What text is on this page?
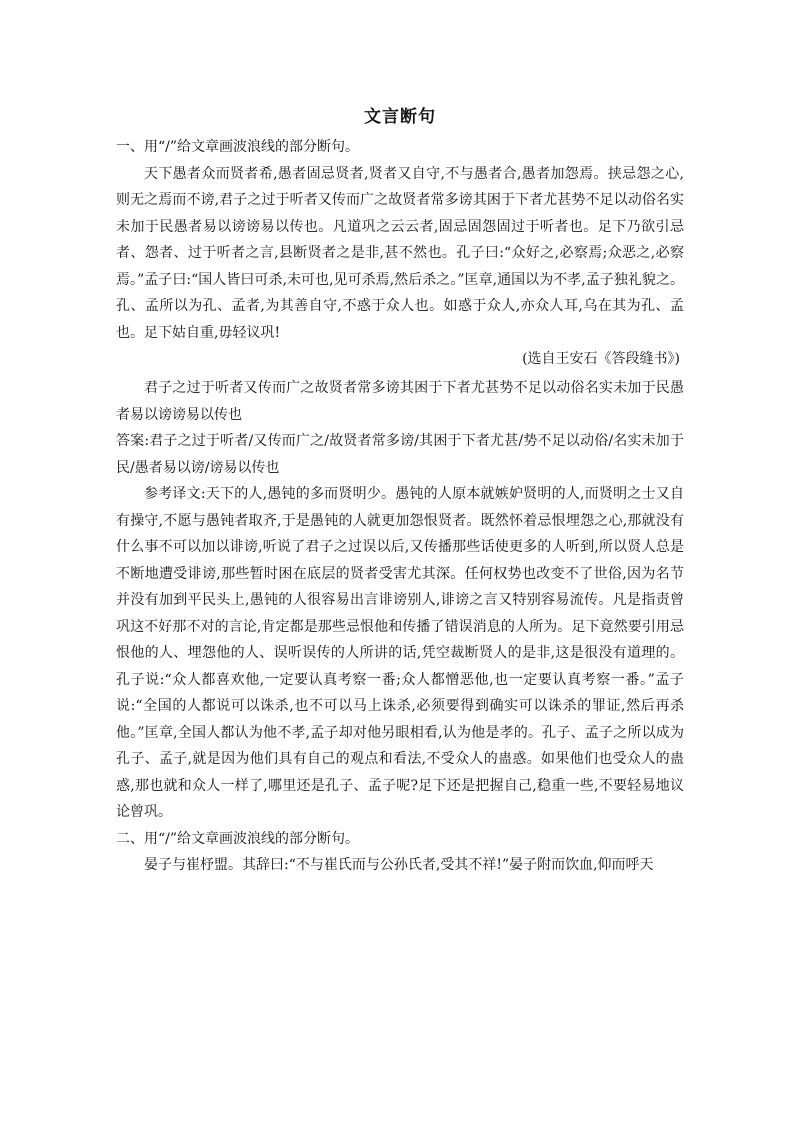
文言断句

一、用“/”给文章画波浪线的部分断句。

天下愚者众而贤者希,愚者固忌贤者,贤者又自守,不与愚者合,愚者加怨焉。挟忌怨之心,则无之焉而不谤,君子之过于听者又传而广之故贤者常多谤其困于下者尤甚势不足以动俗名实未加于民愚者易以谤谤易以传也。凡道巩之云云者,固忌固怨固过于听者也。足下乃欲引忌者、怨者、过于听者之言,县断贤者之是非,甚不然也。孔子曰:“众好之,必察焉;众恶之,必察焉。”孟子曰:“国人皆曰可杀,未可也,见可杀焉,然后杀之。”匡章,通国以为不孝,孟子独礼貌之。孔、孟所以为孔、孟者,为其善自守,不惑于众人也。如惑于众人,亦众人耳,乌在其为孔、孟也。足下姑自重,毋轻议巩!

(选自王安石《答段缝书》)

君子之过于听者又传而广之故贤者常多谤其困于下者尤甚势不足以动俗名实未加于民愚者易以谤谤易以传也

答案:君子之过于听者/又传而广之/故贤者常多谤/其困于下者尤甚/势不足以动俗/名实未加于民/愚者易以谤/谤易以传也

参考译文:天下的人,愚钝的多而贤明少。愚钝的人原本就嫉妒贤明的人,而贤明之士又自有操守,不愿与愚钝者取齐,于是愚钝的人就更加怨恨贤者。既然怀着忌恨埋怨之心,那就没有什么事不可以加以诽谤,听说了君子之过误以后,又传播那些话使更多的人听到,所以贤人总是不断地遭受诽谤,那些暂时困在底层的贤者受害尤其深。任何权势也改变不了世俗,因为名节并没有加到平民头上,愚钝的人很容易出言诽谤别人,诽谤之言又特别容易流传。凡是指责曾巩这不好那不对的言论,肯定都是那些忌恨他和传播了错误消息的人所为。足下竟然要引用忌恨他的人、埋怨他的人、误听误传的人所讲的话,凭空裁断贤人的是非,这是很没有道理的。孔子说:“众人都喜欢他,一定要认真考察一番;众人都憎恶他,也一定要认真考察一番。”孟子说:“全国的人都说可以诛杀,也不可以马上诛杀,必须要得到确实可以诛杀的罪证,然后再杀他。”匡章,全国人都认为他不孝,孟子却对他另眼相看,认为他是孝的。孔子、孟子之所以成为孔子、孟子,就是因为他们具有自己的观点和看法,不受众人的蛊惑。如果他们也受众人的蛊惑,那也就和众人一样了,哪里还是孔子、孟子呢?足下还是把握自己,稳重一些,不要轻易地议论曾巩。

二、用“/”给文章画波浪线的部分断句。

晏子与崔杼盟。其辞曰:“不与崔氏而与公孙氏者,受其不祥!”晏子附而饮血,仰而呼天
